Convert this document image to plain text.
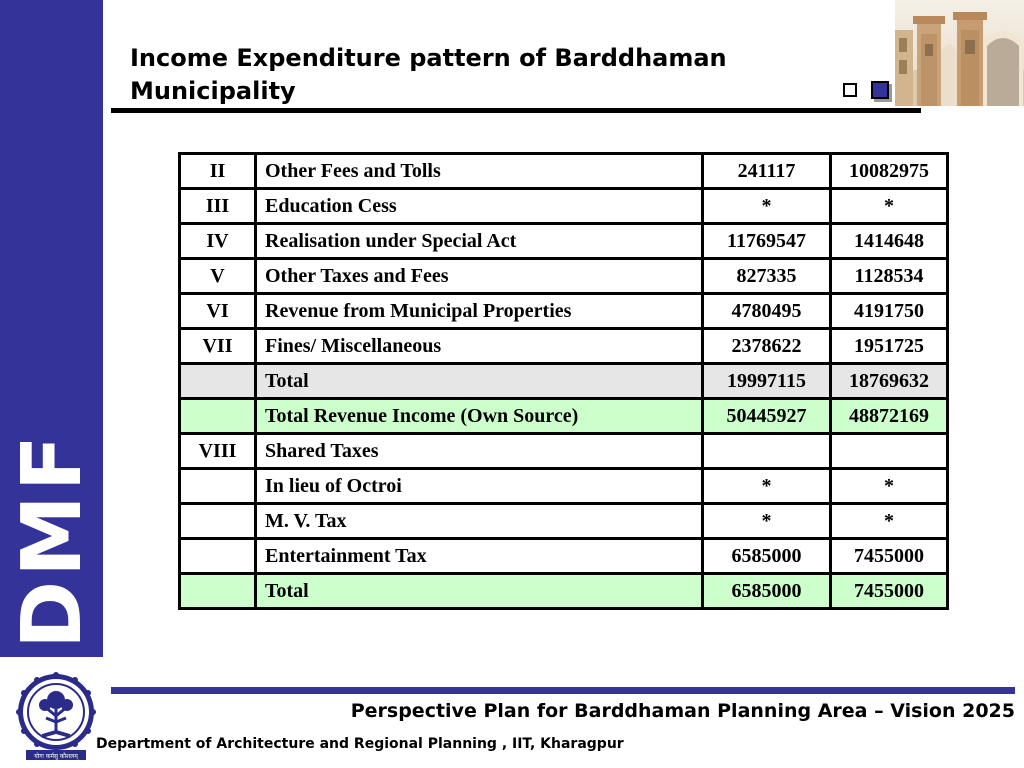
DMF
Income Expenditure pattern of Barddhaman
Municipality
II	Other Fees and Tolls	241117	10082975
III	Education Cess	*	*
IV	Realisation under Special Act	11769547	1414648
V	Other Taxes and Fees	827335	1128534
VI	Revenue from Municipal Properties	4780495	4191750
VII	Fines/ Miscellaneous	2378622	1951725
	Total	19997115	18769632
	Total Revenue Income (Own Source)	50445927	48872169
VIII	Shared Taxes		
	In lieu of Octroi	*	*
	M. V. Tax	*	*
	Entertainment Tax	6585000	7455000
	Total	6585000	7455000
Perspective Plan for Barddhaman Planning Area – Vision 2025
Department of Architecture and Regional Planning , IIT, Kharagpur
योगः कर्मसु कौशलम्
